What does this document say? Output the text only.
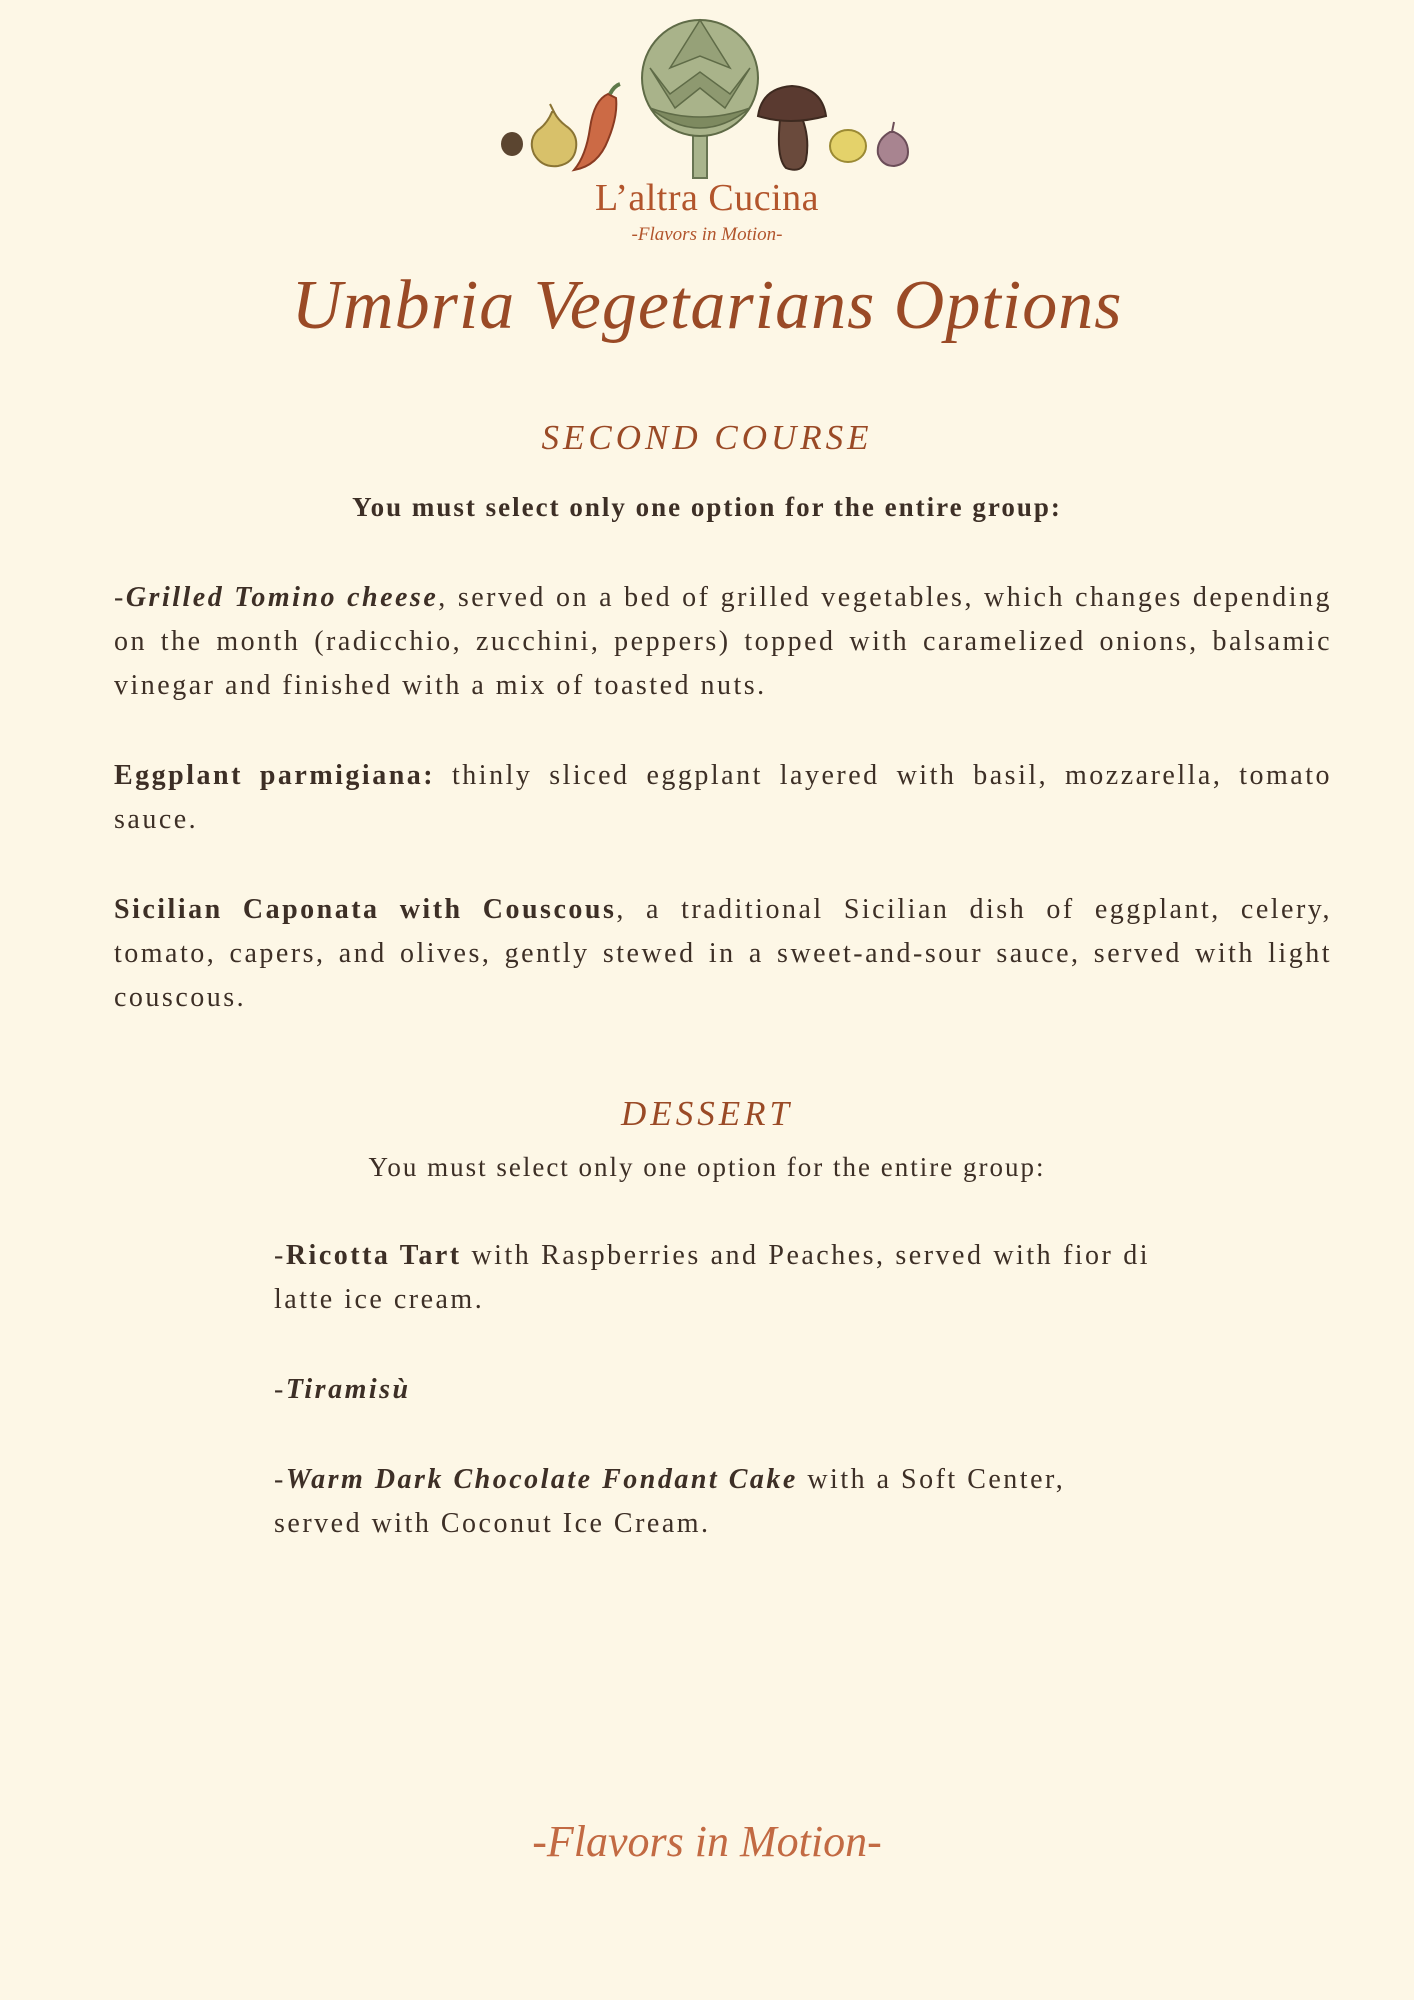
L’altra Cucina
-Flavors in Motion-
Umbria Vegetarians Options
SECOND COURSE
You must select only one option for the entire group:
-Grilled Tomino cheese, served on a bed of grilled vegetables, which changes depending on the month (radicchio, zucchini, peppers) topped with caramelized onions, balsamic vinegar and finished with a mix of toasted nuts.
Eggplant parmigiana: thinly sliced eggplant layered with basil, mozzarella, tomato sauce.
Sicilian Caponata with Couscous, a traditional Sicilian dish of eggplant, celery, tomato, capers, and olives, gently stewed in a sweet-and-sour sauce, served with light couscous.
DESSERT
You must select only one option for the entire group:
-Ricotta Tart with Raspberries and Peaches, served with fior di latte ice cream.
-Tiramisù
-Warm Dark Chocolate Fondant Cake with a Soft Center, served with Coconut Ice Cream.
-Flavors in Motion-
